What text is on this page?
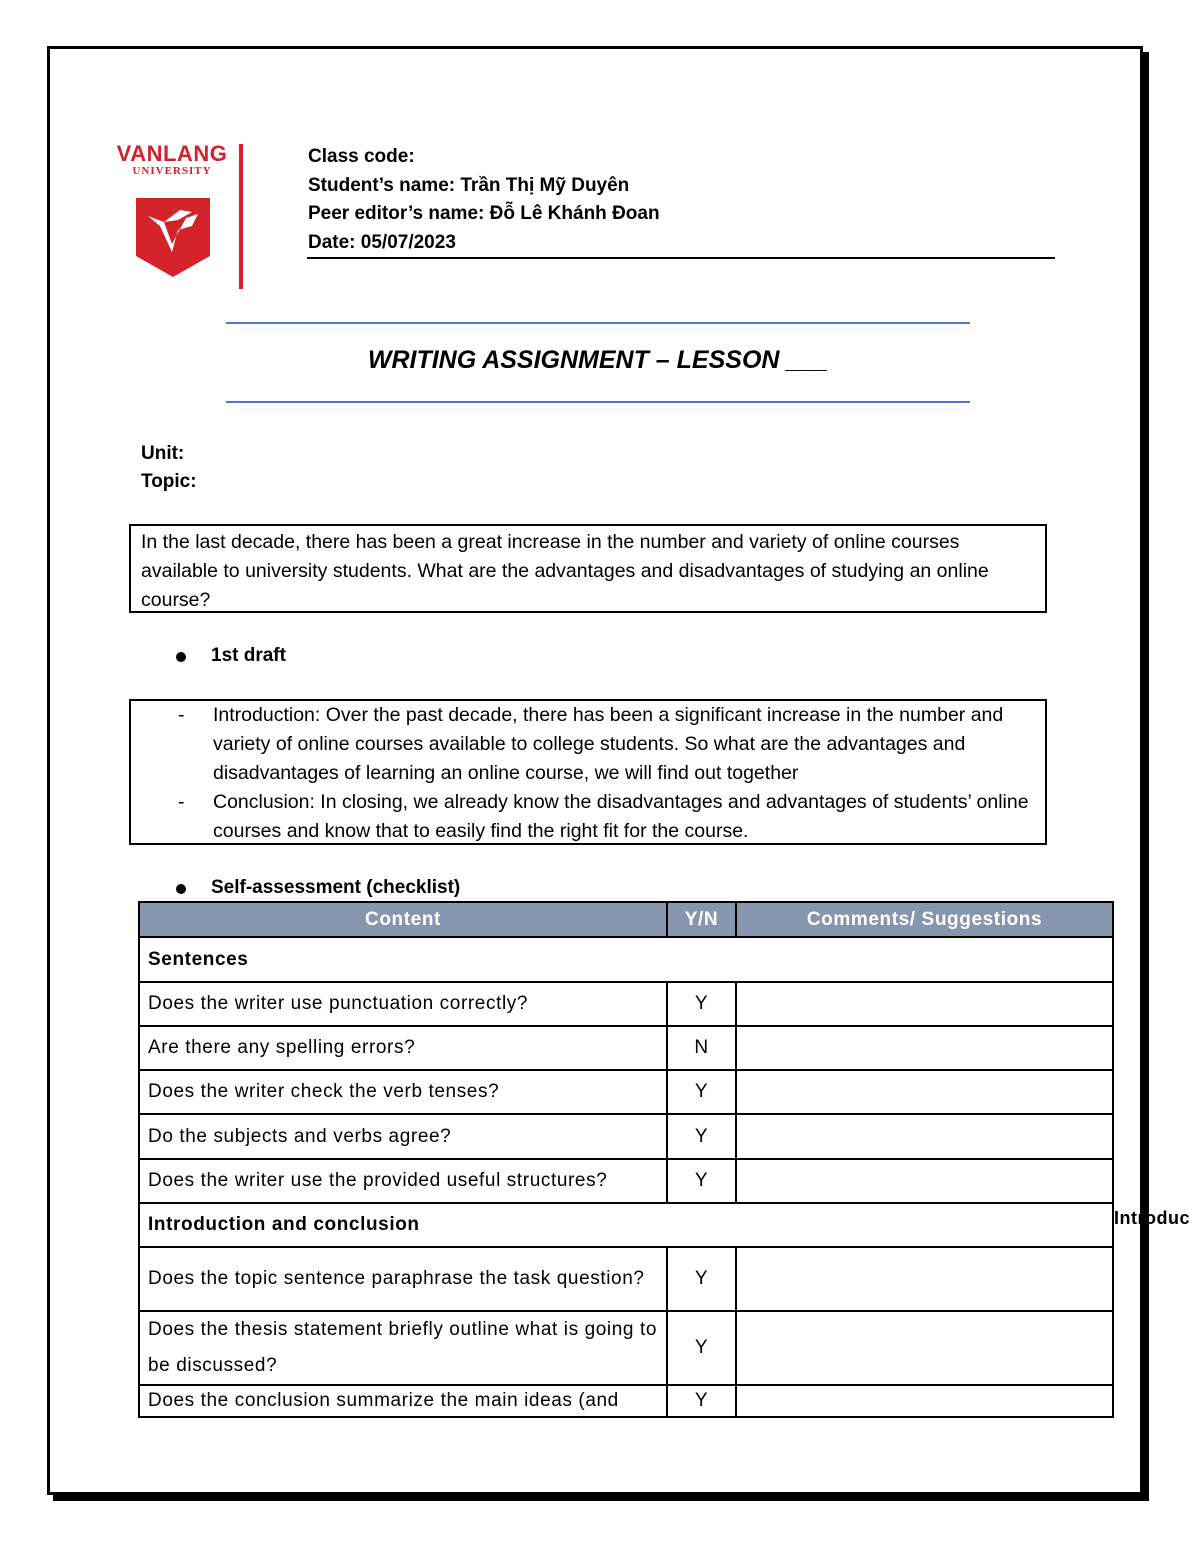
VANLANG
UNIVERSITY
Class code:
Student’s name: Trần Thị Mỹ Duyên
Peer editor’s name: Đỗ Lê Khánh Đoan
Date: 05/07/2023
WRITING ASSIGNMENT – LESSON ___
Unit:
Topic:
In the last decade, there has been a great increase in the number and variety of online courses available to university students. What are the advantages and disadvantages of studying an online course?
1st draft
- Introduction: Over the past decade, there has been a significant increase in the number and variety of online courses available to college students. So what are the advantages and disadvantages of learning an online course, we will find out together
- Conclusion: In closing, we already know the disadvantages and advantages of students’ online courses and know that to easily find the right fit for the course.
Self-assessment (checklist)
Content	Y/N	Comments/ Suggestions
Sentences		
Does the writer use punctuation correctly?	Y	
Are there any spelling errors?	N	
Does the writer check the verb tenses?	Y	
Do the subjects and verbs agree?	Y	
Does the writer use the provided useful structures?	Y	
Introduction and conclusion		
Does the topic sentence paraphrase the task question?	Y	
Does the thesis statement briefly outline what is going to be discussed?	Y	
Does the conclusion summarize the main ideas (and	Y	
Introduc
